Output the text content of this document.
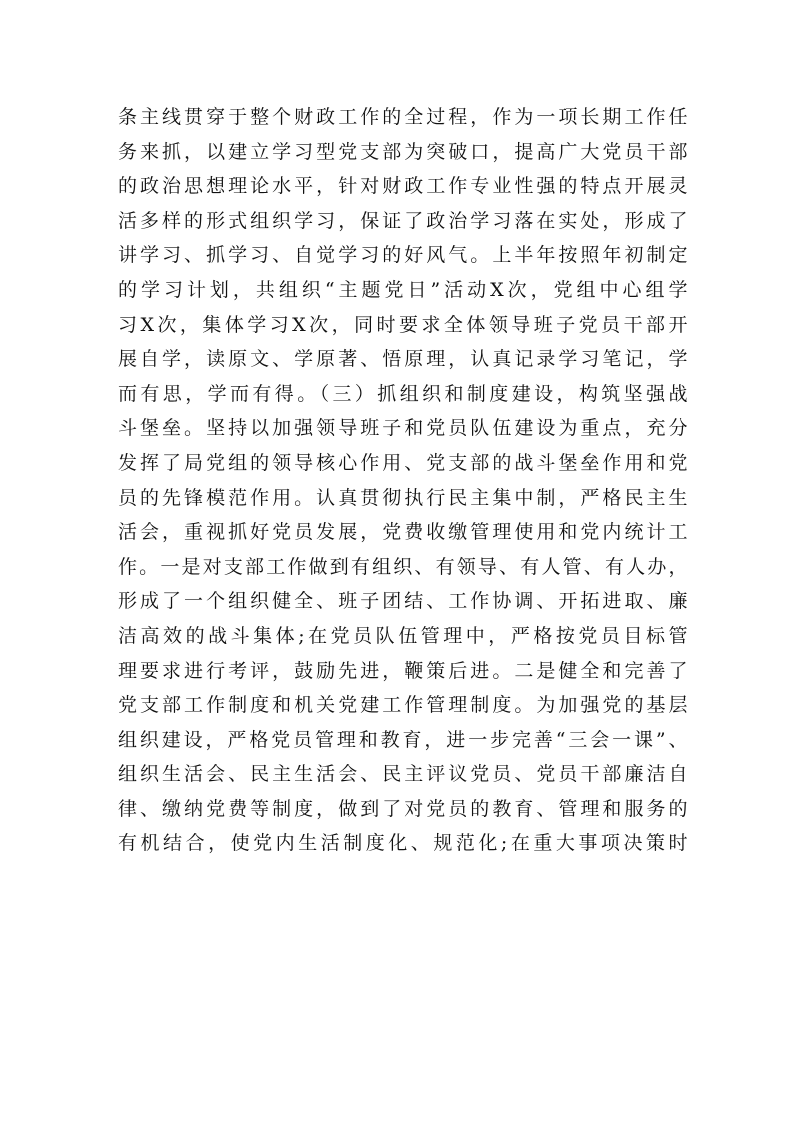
条主线贯穿于整个财政工作的全过程，作为一项长期工作任
务来抓，以建立学习型党支部为突破口，提高广大党员干部
的政治思想理论水平，针对财政工作专业性强的特点开展灵
活多样的形式组织学习，保证了政治学习落在实处，形成了
讲学习、抓学习、自觉学习的好风气。上半年按照年初制定
的学习计划，共组织“主题党日”活动X次，党组中心组学
习X次，集体学习X次，同时要求全体领导班子党员干部开
展自学，读原文、学原著、悟原理，认真记录学习笔记，学
而有思，学而有得。（三）抓组织和制度建设，构筑坚强战
斗堡垒。坚持以加强领导班子和党员队伍建设为重点，充分
发挥了局党组的领导核心作用、党支部的战斗堡垒作用和党
员的先锋模范作用。认真贯彻执行民主集中制，严格民主生
活会，重视抓好党员发展，党费收缴管理使用和党内统计工
作。一是对支部工作做到有组织、有领导、有人管、有人办，
形成了一个组织健全、班子团结、工作协调、开拓进取、廉
洁高效的战斗集体;在党员队伍管理中，严格按党员目标管
理要求进行考评，鼓励先进，鞭策后进。二是健全和完善了
党支部工作制度和机关党建工作管理制度。为加强党的基层
组织建设，严格党员管理和教育，进一步完善“三会一课”、
组织生活会、民主生活会、民主评议党员、党员干部廉洁自
律、缴纳党费等制度，做到了对党员的教育、管理和服务的
有机结合，使党内生活制度化、规范化;在重大事项决策时
